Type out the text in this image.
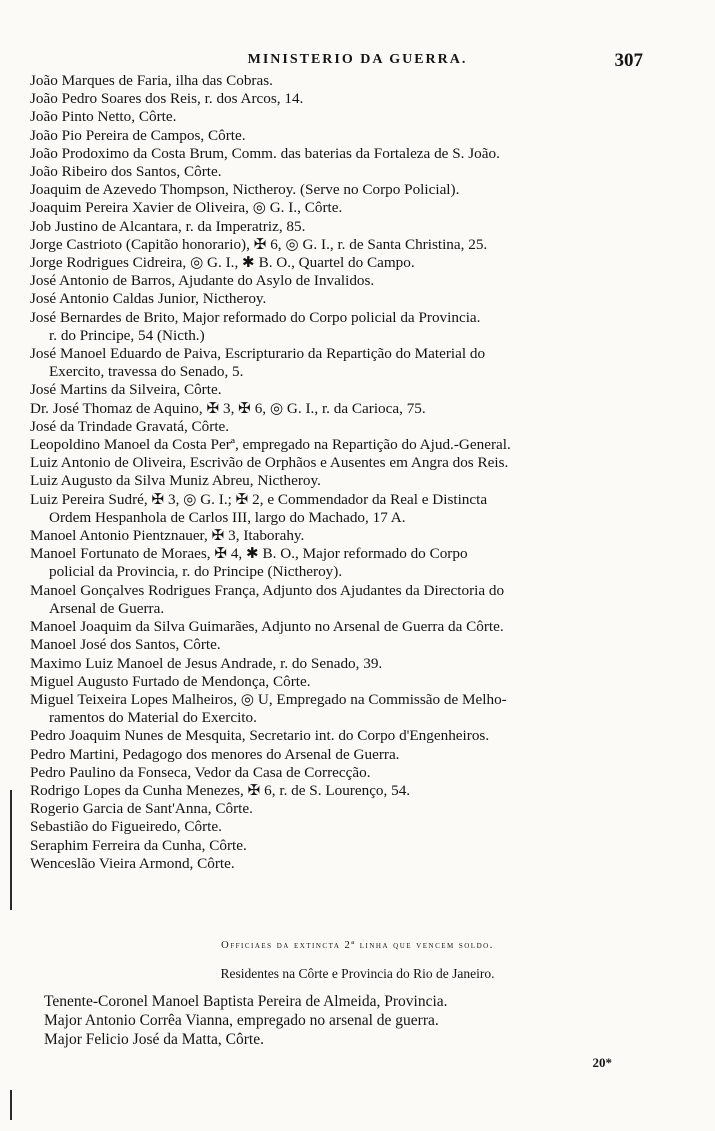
MINISTERIO DA GUERRA.	307
João Marques de Faria, ilha das Cobras.
João Pedro Soares dos Reis, r. dos Arcos, 14.
João Pinto Netto, Côrte.
João Pio Pereira de Campos, Côrte.
João Prodoximo da Costa Brum, Comm. das baterias da Fortaleza de S. João.
João Ribeiro dos Santos, Côrte.
Joaquim de Azevedo Thompson, Nictheroy. (Serve no Corpo Policial).
Joaquim Pereira Xavier de Oliveira, ◎ G. I., Côrte.
Job Justino de Alcantara, r. da Imperatriz, 85.
Jorge Castrioto (Capitão honorario), ✠ 6, ◎ G. I., r. de Santa Christina, 25.
Jorge Rodrigues Cidreira, ◎ G. I., ✱ B. O., Quartel do Campo.
José Antonio de Barros, Ajudante do Asylo de Invalidos.
José Antonio Caldas Junior, Nictheroy.
José Bernardes de Brito, Major reformado do Corpo policial da Provincia.
r. do Principe, 54 (Nicth.)
José Manoel Eduardo de Paiva, Escripturario da Repartição do Material do
Exercito, travessa do Senado, 5.
José Martins da Silveira, Côrte.
Dr. José Thomaz de Aquino, ✠ 3, ✠ 6, ◎ G. I., r. da Carioca, 75.
José da Trindade Gravatá, Côrte.
Leopoldino Manoel da Costa Perª, empregado na Repartição do Ajud.-General.
Luiz Antonio de Oliveira, Escrivão de Orphãos e Ausentes em Angra dos Reis.
Luiz Augusto da Silva Muniz Abreu, Nictheroy.
Luiz Pereira Sudré, ✠ 3, ◎ G. I.; ✠ 2, e Commendador da Real e Distincta
Ordem Hespanhola de Carlos III, largo do Machado, 17 A.
Manoel Antonio Pientznauer, ✠ 3, Itaborahy.
Manoel Fortunato de Moraes, ✠ 4, ✱ B. O., Major reformado do Corpo
policial da Provincia, r. do Principe (Nictheroy).
Manoel Gonçalves Rodrigues França, Adjunto dos Ajudantes da Directoria do
Arsenal de Guerra.
Manoel Joaquim da Silva Guimarães, Adjunto no Arsenal de Guerra da Côrte.
Manoel José dos Santos, Côrte.
Maximo Luiz Manoel de Jesus Andrade, r. do Senado, 39.
Miguel Augusto Furtado de Mendonça, Côrte.
Miguel Teixeira Lopes Malheiros, ◎ U, Empregado na Commissão de Melho-
ramentos do Material do Exercito.
Pedro Joaquim Nunes de Mesquita, Secretario int. do Corpo d'Engenheiros.
Pedro Martini, Pedagogo dos menores do Arsenal de Guerra.
Pedro Paulino da Fonseca, Vedor da Casa de Correcção.
Rodrigo Lopes da Cunha Menezes, ✠ 6, r. de S. Lourenço, 54.
Rogerio Garcia de Sant'Anna, Côrte.
Sebastião do Figueiredo, Côrte.
Seraphim Ferreira da Cunha, Côrte.
Wenceslão Vieira Armond, Côrte.
Officiaes da extincta 2ª linha que vencem soldo.
Residentes na Côrte e Provincia do Rio de Janeiro.
Tenente-Coronel Manoel Baptista Pereira de Almeida, Provincia.
Major Antonio Corrêa Vianna, empregado no arsenal de guerra.
Major Felicio José da Matta, Côrte.
20*
